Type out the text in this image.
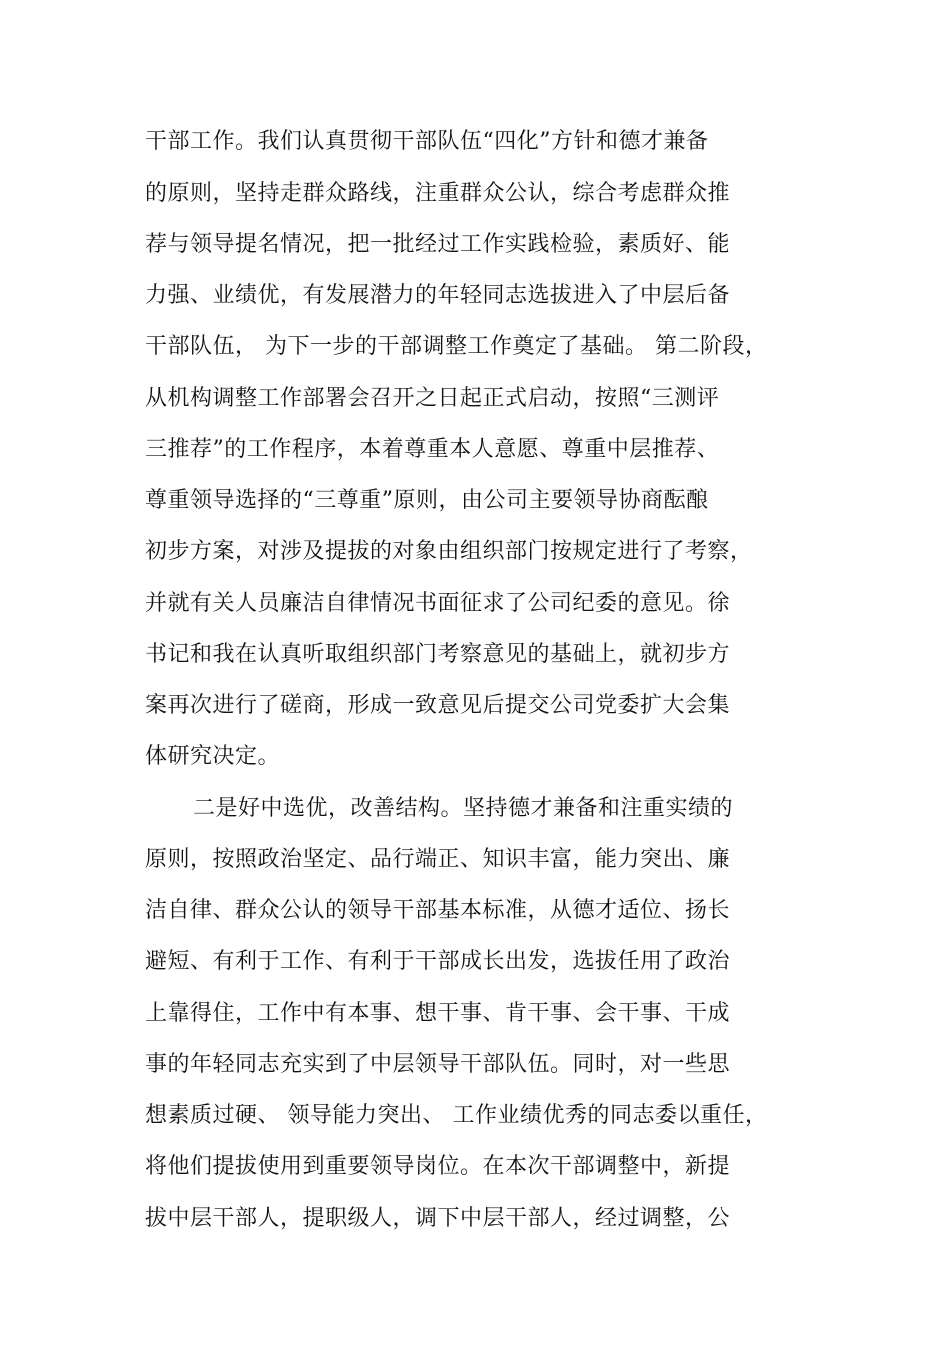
干部工作。我们认真贯彻干部队伍“四化”方针和德才兼备
的原则，坚持走群众路线，注重群众公认，综合考虑群众推
荐与领导提名情况，把一批经过工作实践检验，素质好、能
力强、业绩优，有发展潜力的年轻同志选拔进入了中层后备
干部队伍， 为下一步的干部调整工作奠定了基础。 第二阶段，
从机构调整工作部署会召开之日起正式启动，按照“三测评
三推荐”的工作程序，本着尊重本人意愿、尊重中层推荐、
尊重领导选择的“三尊重”原则，由公司主要领导协商酝酿
初步方案，对涉及提拔的对象由组织部门按规定进行了考察，
并就有关人员廉洁自律情况书面征求了公司纪委的意见。徐
书记和我在认真听取组织部门考察意见的基础上，就初步方
案再次进行了磋商，形成一致意见后提交公司党委扩大会集
体研究决定。
二是好中选优，改善结构。坚持德才兼备和注重实绩的
原则，按照政治坚定、品行端正、知识丰富，能力突出、廉
洁自律、群众公认的领导干部基本标准，从德才适位、扬长
避短、有利于工作、有利于干部成长出发，选拔任用了政治
上靠得住，工作中有本事、想干事、肯干事、会干事、干成
事的年轻同志充实到了中层领导干部队伍。同时，对一些思
想素质过硬、 领导能力突出、 工作业绩优秀的同志委以重任，
将他们提拔使用到重要领导岗位。在本次干部调整中，新提
拔中层干部人，提职级人，调下中层干部人，经过调整，公
